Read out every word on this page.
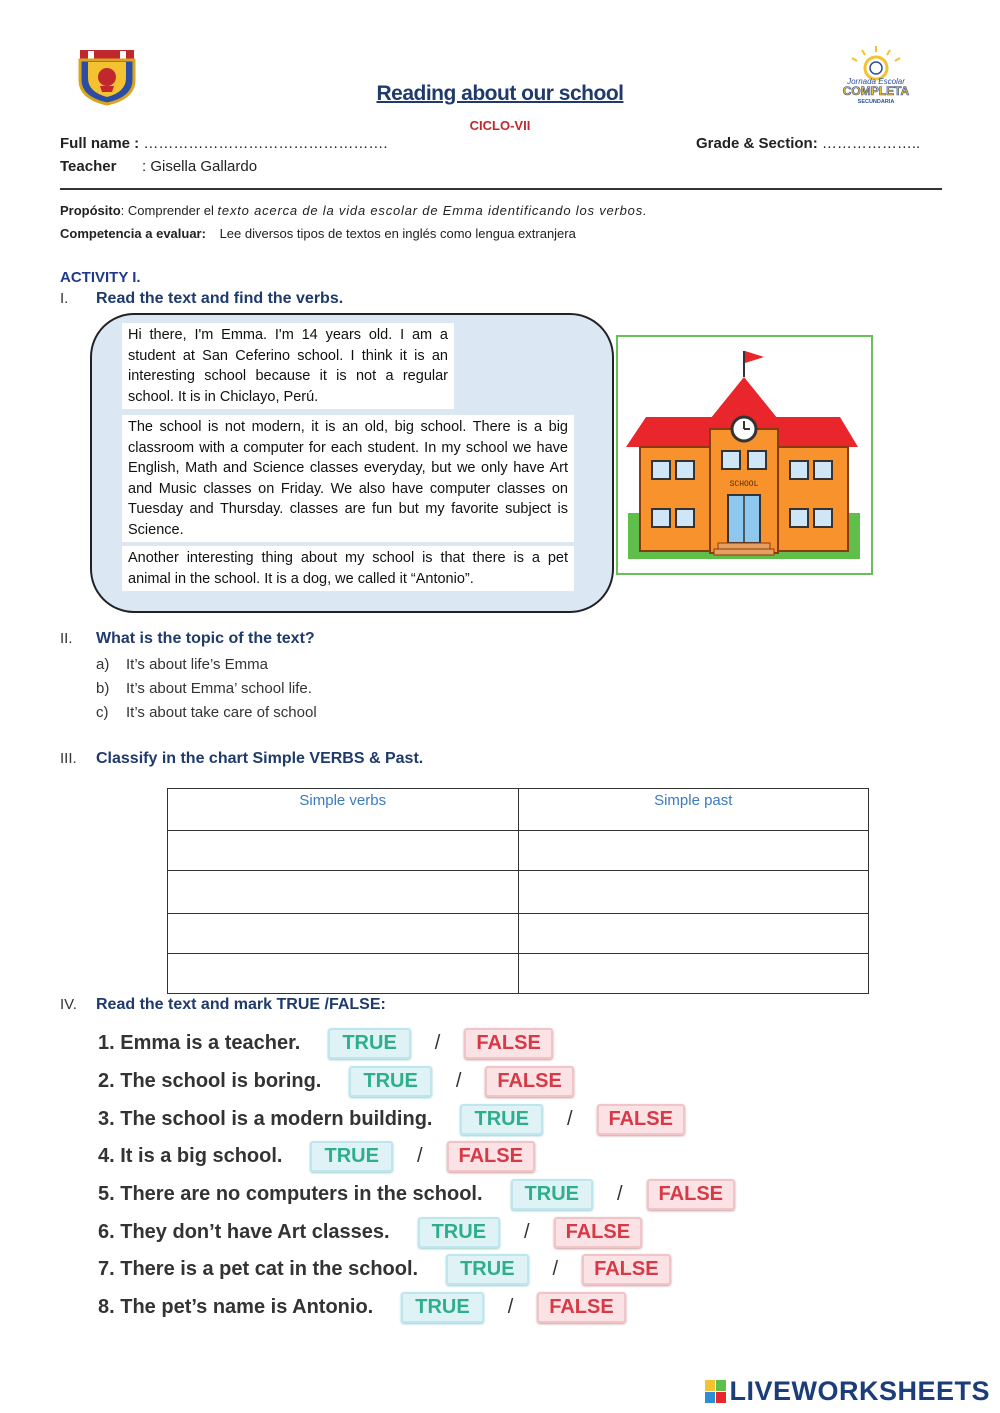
Jornada Escolar
COMPLETA
SECUNDARIA
Reading about our school
CICLO-VII
Full name : ………………………………………….	Grade & Section: ………………..
Teacher : Gisella Gallardo
Propósito: Comprender el texto acerca de la vida escolar de Emma identificando los verbos.
Competencia a evaluar: Lee diversos tipos de textos en inglés como lengua extranjera
ACTIVITY I.
I. Read the text and find the verbs.
Hi there, I'm Emma. I'm 14 years old. I am a student at San Ceferino school. I think it is an interesting school because it is not a regular school. It is in Chiclayo, Perú.
The school is not modern, it is an old, big school. There is a big classroom with a computer for each student. In my school we have English, Math and Science classes everyday, but we only have Art and Music classes on Friday. We also have computer classes on Tuesday and Thursday. classes are fun but my favorite subject is Science.
Another interesting thing about my school is that there is a pet animal in the school. It is a dog, we called it “Antonio”.
SCHOOL
II. What is the topic of the text?
a) It’s about life’s Emma
b) It’s about Emma’ school life.
c) It’s about take care of school
III. Classify in the chart Simple VERBS & Past.
Simple verbs	Simple past

IV. Read the text and mark TRUE /FALSE:
1. Emma is a teacher.	TRUE	/	FALSE
2. The school is boring.	TRUE	/	FALSE
3. The school is a modern building.	TRUE	/	FALSE
4. It is a big school.	TRUE	/	FALSE
5. There are no computers in the school.	TRUE	/	FALSE
6. They don’t have Art classes.	TRUE	/	FALSE
7. There is a pet cat in the school.	TRUE	/	FALSE
8. The pet’s name is Antonio.	TRUE	/	FALSE
LIVEWORKSHEETS
